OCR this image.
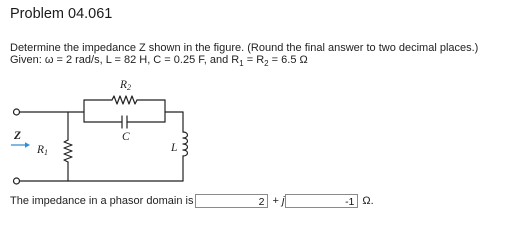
Problem 04.061
Determine the impedance Z shown in the figure. (Round the final answer to two decimal places.)
Given: ω = 2 rad/s, L = 82 H, C = 0.25 F, and $R_1 = R_2 = 6.5$ Ω
R2
C
Z
R1	L
The impedance in a phasor domain is	2 + j	-1 Ω.
